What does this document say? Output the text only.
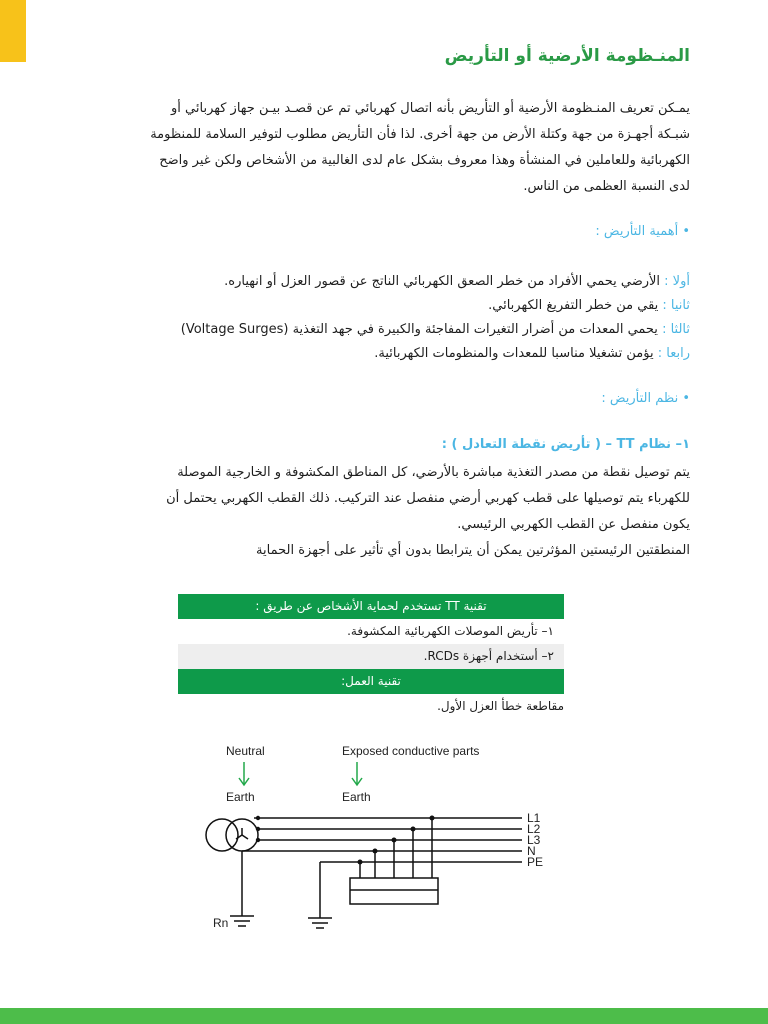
المنـظومة الأرضية أو التأريض
يمـكن تعريف المنـظومة الأرضية أو التأريض بأنه اتصال كهربائي تم عن قصـد بيـن جهاز كهربائي أو
شبـكة أجهـزة من جهة وكتلة الأرض من جهة أخرى. لذا فأن التأريض مطلوب لتوفير السلامة للمنظومة
الكهربائية وللعاملين في المنشأة وهذا معروف بشكل عام لدى الغالبية من الأشخاص ولكن غير واضح
لدى النسبة العظمى من الناس.
• أهمية التأريض :
أولا : الأرضي يحمي الأفراد من خطر الصعق الكهربائي الناتج عن قصور العزل أو انهياره.
ثانيا : يقي من خطر التفريغ الكهربائي.
ثالثا : يحمي المعدات من أضرار التغيرات المفاجئة والكبيرة في جهد التغذية (Voltage Surges)
رابعا : يؤمن تشغيلا مناسبا للمعدات والمنظومات الكهربائية.
• نظم التأريض :
١– نظام TT – ( تأريض نقطة التعادل ) :
يتم توصيل نقطة من مصدر التغذية مباشرة بالأرضي، كل المناطق المكشوفة و الخارجية الموصلة
للكهرباء يتم توصيلها على قطب كهربي أرضي منفصل عند التركيب. ذلك القطب الكهربي يحتمل أن
يكون منفصل عن القطب الكهربي الرئيسي.
المنطقتين الرئيستين المؤثرتين يمكن أن يترابطا بدون أي تأثير على أجهزة الحماية
تقنية TT تستخدم لحماية الأشخاص عن طريق :
١– تأريض الموصلات الكهربائية المكشوفة.
٢– أستخدام أجهزة RCDs.
تقنية العمل:
مقاطعة خطأ العزل الأول.
Neutral	Exposed conductive parts
Earth	Earth
L1
L2
L3
N
PE
Rn
